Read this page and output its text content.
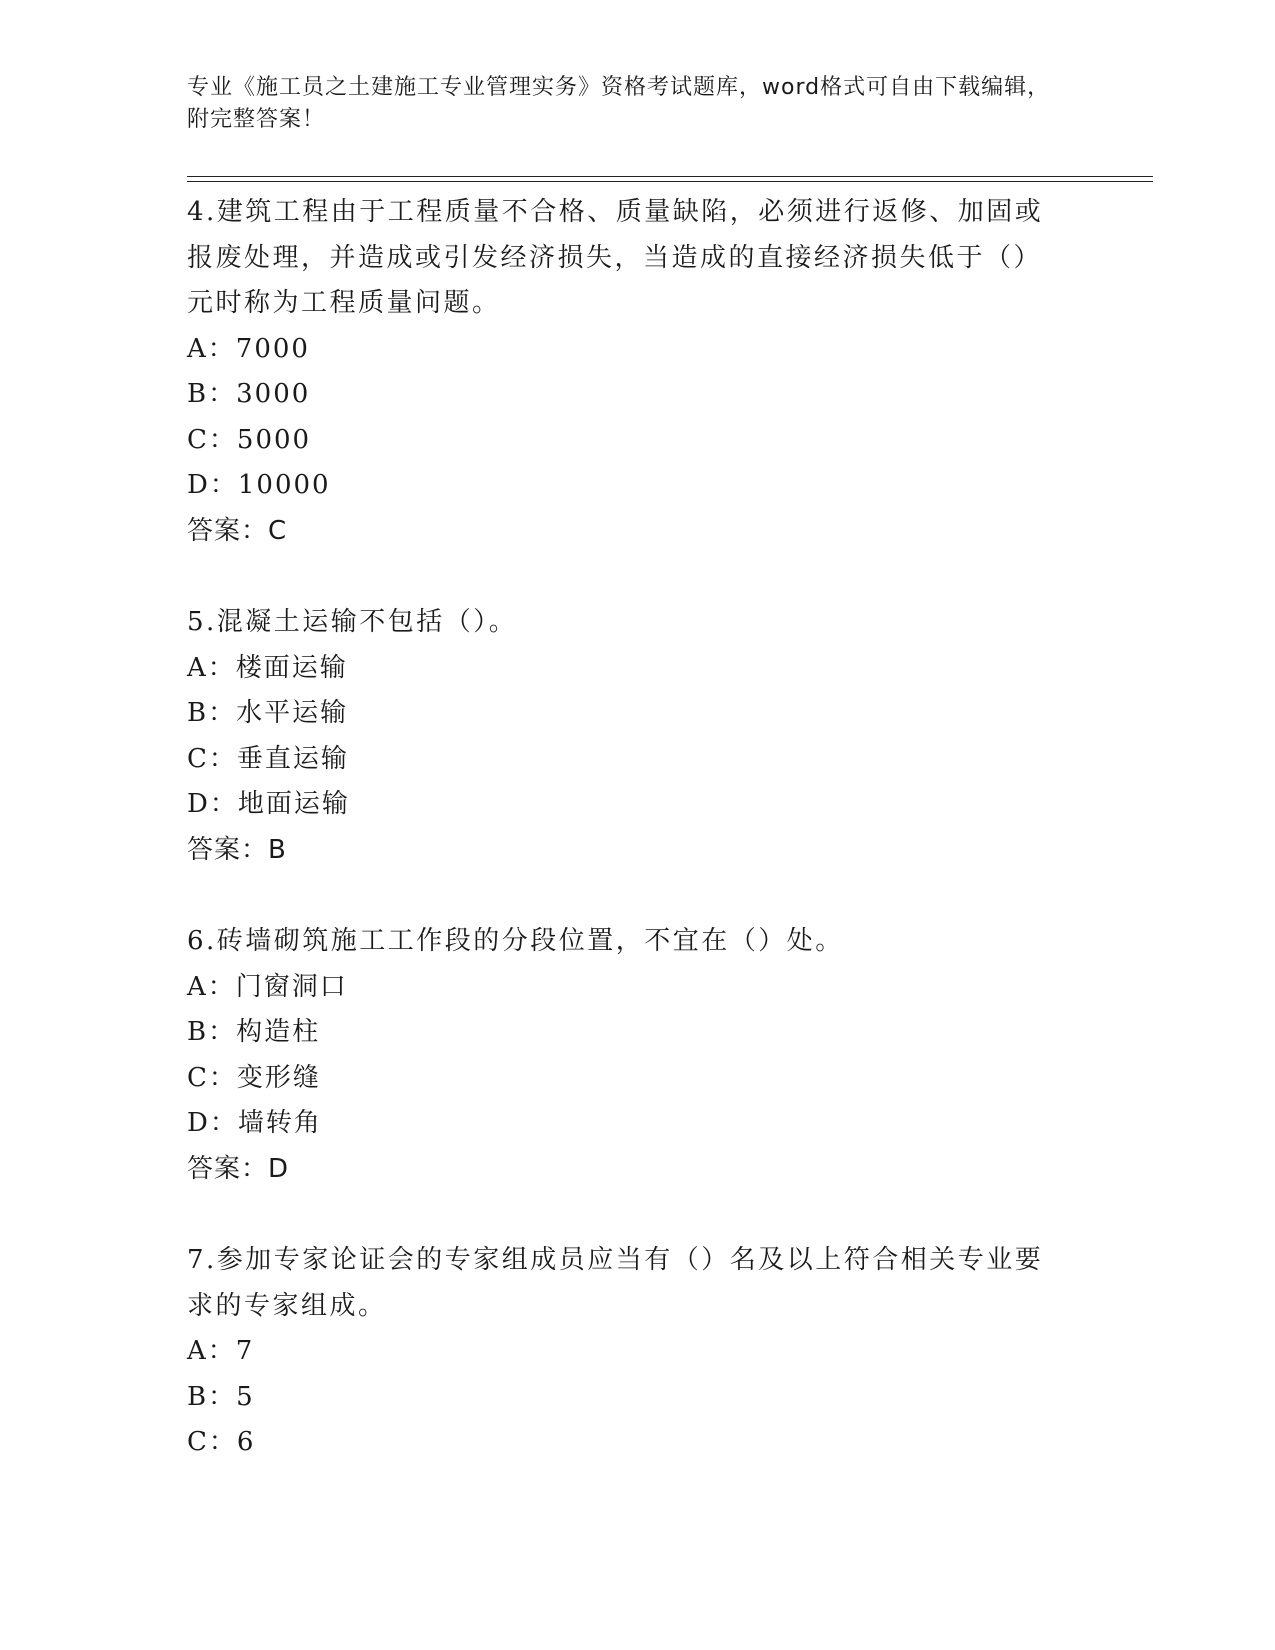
专业《施工员之土建施工专业管理实务》资格考试题库，word格式可自由下载编辑，附完整答案！

4.建筑工程由于工程质量不合格、质量缺陷，必须进行返修、加固或报废处理，并造成或引发经济损失，当造成的直接经济损失低于（）元时称为工程质量问题。

A：7000

B：3000

C：5000

D：10000

答案：C

5.混凝土运输不包括（）。

A：楼面运输

B：水平运输

C：垂直运输

D：地面运输

答案：B

6.砖墙砌筑施工工作段的分段位置，不宜在（）处。

A：门窗洞口

B：构造柱

C：变形缝

D：墙转角

答案：D

7.参加专家论证会的专家组成员应当有（）名及以上符合相关专业要求的专家组成。

A：7

B：5

C：6
